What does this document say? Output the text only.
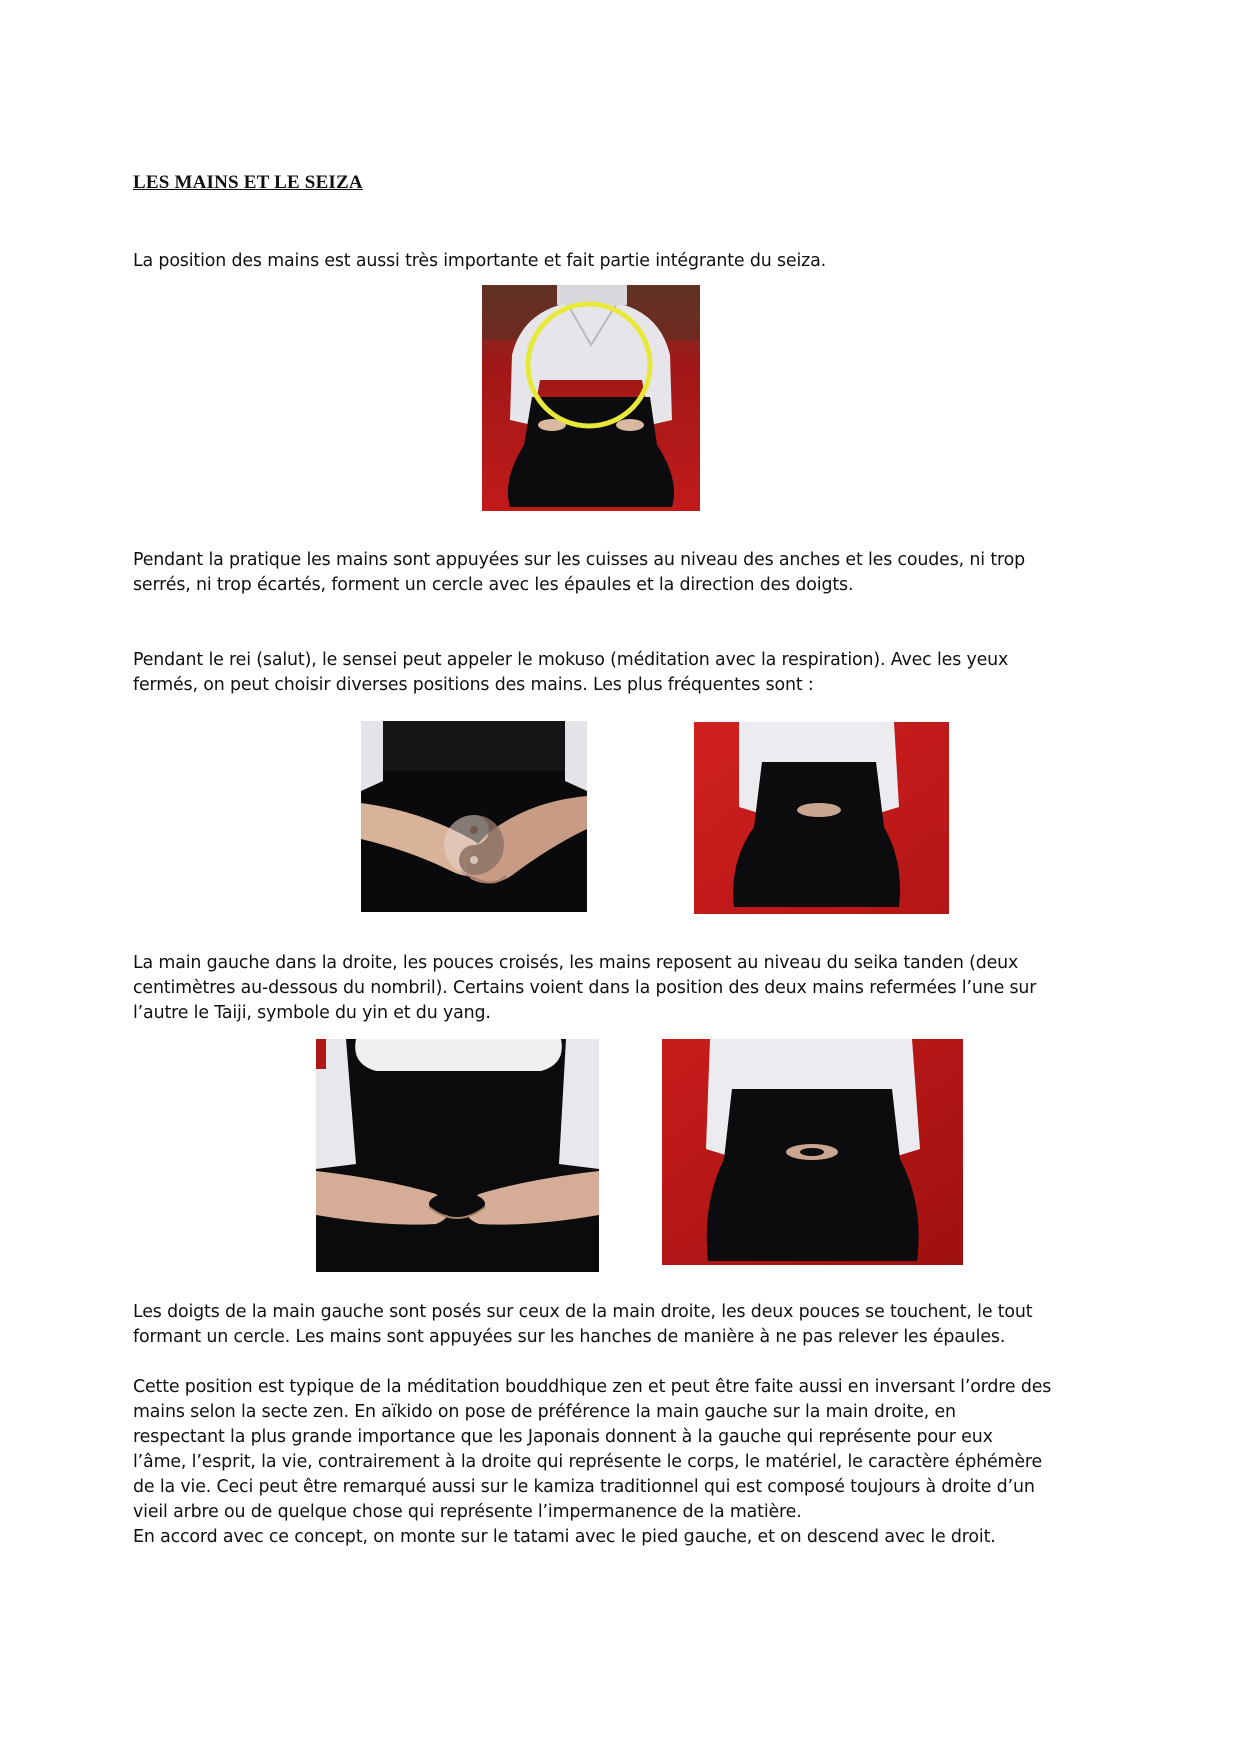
LES MAINS ET LE SEIZA

La position des mains est aussi très importante et fait partie intégrante du seiza.

Pendant la pratique les mains sont appuyées sur les cuisses au niveau des anches et les coudes, ni trop
serrés, ni trop écartés, forment un cercle avec les épaules et la direction des doigts.

Pendant le rei (salut), le sensei peut appeler le mokuso (méditation avec la respiration). Avec les yeux
fermés, on peut choisir diverses positions des mains. Les plus fréquentes sont :

La main gauche dans la droite, les pouces croisés, les mains reposent au niveau du seika tanden (deux
centimètres au-dessous du nombril). Certains voient dans la position des deux mains refermées l’une sur
l’autre le Taiji, symbole du yin et du yang.

Les doigts de la main gauche sont posés sur ceux de la main droite, les deux pouces se touchent, le tout
formant un cercle. Les mains sont appuyées sur les hanches de manière à ne pas relever les épaules.

Cette position est typique de la méditation bouddhique zen et peut être faite aussi en inversant l’ordre des
mains selon la secte zen. En aïkido on pose de préférence la main gauche sur la main droite, en
respectant la plus grande importance que les Japonais donnent à la gauche qui représente pour eux
l’âme, l’esprit, la vie, contrairement à la droite qui représente le corps, le matériel, le caractère éphémère
de la vie. Ceci peut être remarqué aussi sur le kamiza traditionnel qui est composé toujours à droite d’un
vieil arbre ou de quelque chose qui représente l’impermanence de la matière.
En accord avec ce concept, on monte sur le tatami avec le pied gauche, et on descend avec le droit.
